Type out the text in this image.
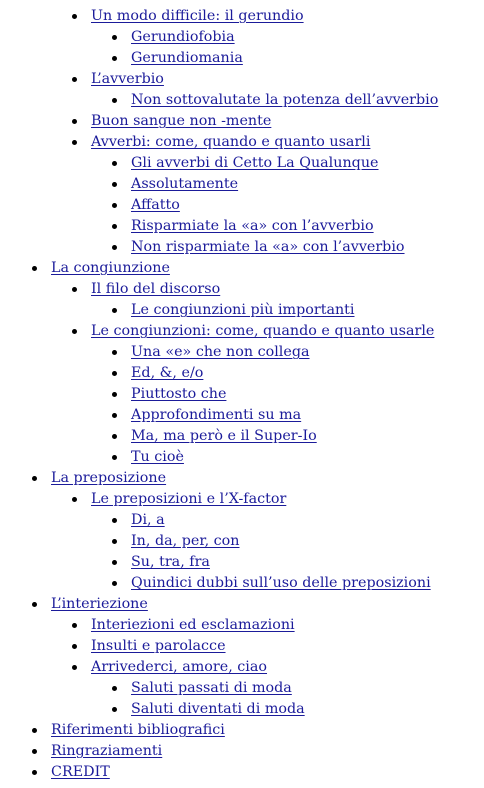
Un modo difficile: il gerundio
Gerundiofobia
Gerundiomania
L’avverbio
Non sottovalutate la potenza dell’avverbio
Buon sangue non -mente
Avverbi: come, quando e quanto usarli
Gli avverbi di Cetto La Qualunque
Assolutamente
Affatto
Risparmiate la «a» con l’avverbio
Non risparmiate la «a» con l’avverbio
La congiunzione
Il filo del discorso
Le congiunzioni più importanti
Le congiunzioni: come, quando e quanto usarle
Una «e» che non collega
Ed, &, e/o
Piuttosto che
Approfondimenti su ma
Ma, ma però e il Super-Io
Tu cioè
La preposizione
Le preposizioni e l’X-factor
Di, a
In, da, per, con
Su, tra, fra
Quindici dubbi sull’uso delle preposizioni
L’interiezione
Interiezioni ed esclamazioni
Insulti e parolacce
Arrivederci, amore, ciao
Saluti passati di moda
Saluti diventati di moda
Riferimenti bibliografici
Ringraziamenti
CREDIT
